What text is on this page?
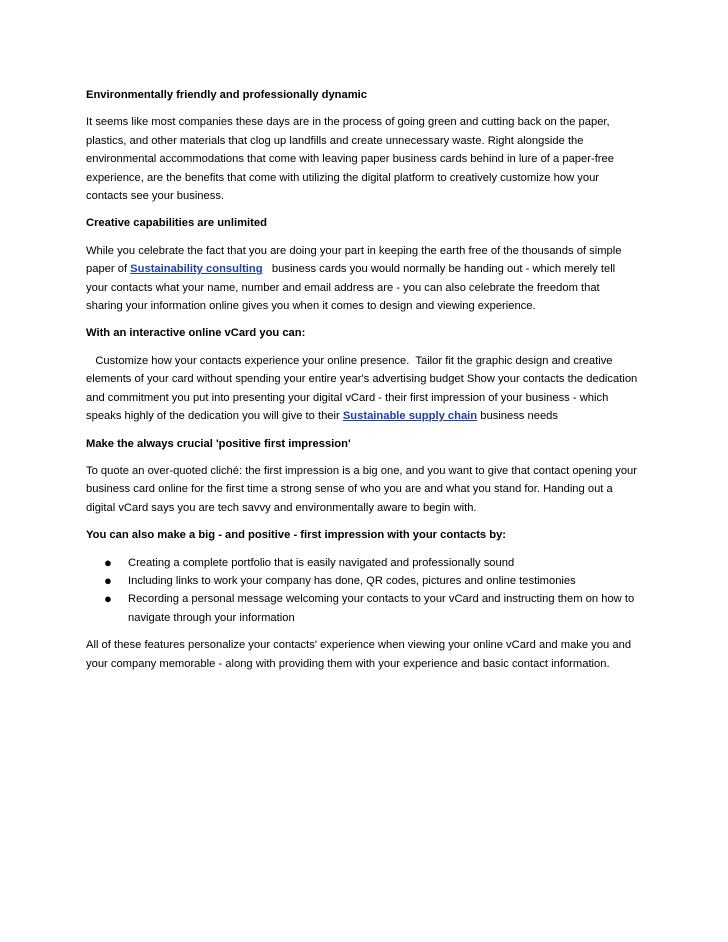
Environmentally friendly and professionally dynamic
It seems like most companies these days are in the process of going green and cutting back on the paper, plastics, and other materials that clog up landfills and create unnecessary waste. Right alongside the environmental accommodations that come with leaving paper business cards behind in lure of a paper-free experience, are the benefits that come with utilizing the digital platform to creatively customize how your contacts see your business.
Creative capabilities are unlimited
While you celebrate the fact that you are doing your part in keeping the earth free of the thousands of simple paper of Sustainability consulting   business cards you would normally be handing out - which merely tell your contacts what your name, number and email address are - you can also celebrate the freedom that sharing your information online gives you when it comes to design and viewing experience.
With an interactive online vCard you can:
Customize how your contacts experience your online presence.  Tailor fit the graphic design and creative elements of your card without spending your entire year's advertising budget Show your contacts the dedication and commitment you put into presenting your digital vCard - their first impression of your business - which speaks highly of the dedication you will give to their Sustainable supply chain business needs
Make the always crucial 'positive first impression'
To quote an over-quoted cliché: the first impression is a big one, and you want to give that contact opening your business card online for the first time a strong sense of who you are and what you stand for. Handing out a digital vCard says you are tech savvy and environmentally aware to begin with.
You can also make a big - and positive - first impression with your contacts by:
● Creating a complete portfolio that is easily navigated and professionally sound
● Including links to work your company has done, QR codes, pictures and online testimonies
● Recording a personal message welcoming your contacts to your vCard and instructing them on how to navigate through your information
All of these features personalize your contacts' experience when viewing your online vCard and make you and your company memorable - along with providing them with your experience and basic contact information.
